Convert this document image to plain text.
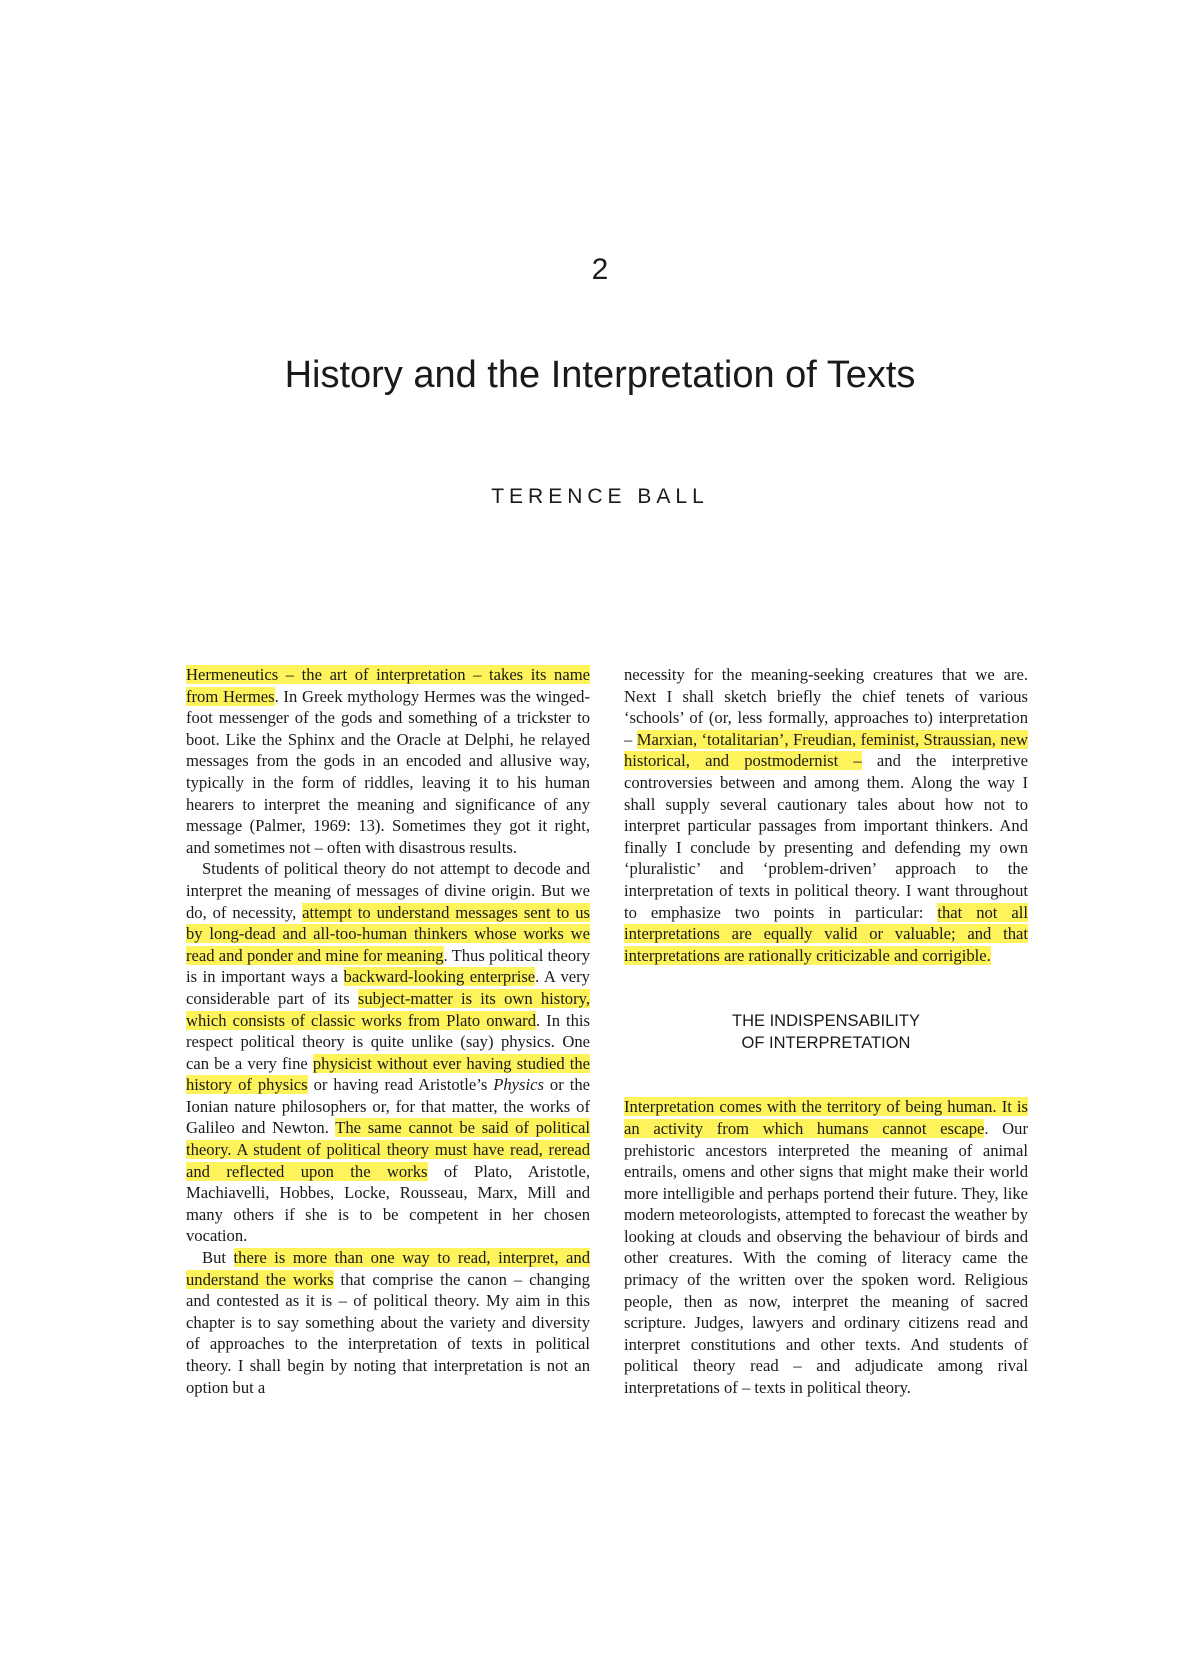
2
History and the Interpretation of Texts
TERENCE BALL

Hermeneutics – the art of interpretation – takes its name from Hermes. In Greek mythology Hermes was the winged-foot messenger of the gods and something of a trickster to boot. Like the Sphinx and the Oracle at Delphi, he relayed messages from the gods in an encoded and allusive way, typically in the form of riddles, leaving it to his human hearers to interpret the meaning and significance of any message (Palmer, 1969: 13). Sometimes they got it right, and sometimes not – often with disastrous results.

Students of political theory do not attempt to decode and interpret the meaning of messages of divine origin. But we do, of necessity, attempt to understand messages sent to us by long-dead and all-too-human thinkers whose works we read and ponder and mine for meaning. Thus political theory is in important ways a backward-looking enterprise. A very considerable part of its subject-matter is its own history, which consists of classic works from Plato onward. In this respect political theory is quite unlike (say) physics. One can be a very fine physicist without ever having studied the history of physics or having read Aristotle’s Physics or the Ionian nature philosophers or, for that matter, the works of Galileo and Newton. The same cannot be said of political theory. A student of political theory must have read, reread and reflected upon the works of Plato, Aristotle, Machiavelli, Hobbes, Locke, Rousseau, Marx, Mill and many others if she is to be competent in her chosen vocation.

But there is more than one way to read, interpret, and understand the works that comprise the canon – changing and contested as it is – of political theory. My aim in this chapter is to say something about the variety and diversity of approaches to the interpretation of texts in political theory. I shall begin by noting that interpretation is not an option but a

necessity for the meaning-seeking creatures that we are. Next I shall sketch briefly the chief tenets of various ‘schools’ of (or, less formally, approaches to) interpretation – Marxian, ‘totalitarian’, Freudian, feminist, Straussian, new historical, and postmodernist – and the interpretive controversies between and among them. Along the way I shall supply several cautionary tales about how not to interpret particular passages from important thinkers. And finally I conclude by presenting and defending my own ‘pluralistic’ and ‘problem-driven’ approach to the interpretation of texts in political theory. I want throughout to emphasize two points in particular: that not all interpretations are equally valid or valuable; and that interpretations are rationally criticizable and corrigible.

THE INDISPENSABILITY
OF INTERPRETATION

Interpretation comes with the territory of being human. It is an activity from which humans cannot escape. Our prehistoric ancestors interpreted the meaning of animal entrails, omens and other signs that might make their world more intelligible and perhaps portend their future. They, like modern meteorologists, attempted to forecast the weather by looking at clouds and observing the behaviour of birds and other creatures. With the coming of literacy came the primacy of the written over the spoken word. Religious people, then as now, interpret the meaning of sacred scripture. Judges, lawyers and ordinary citizens read and interpret constitutions and other texts. And students of political theory read – and adjudicate among rival interpretations of – texts in political theory.
